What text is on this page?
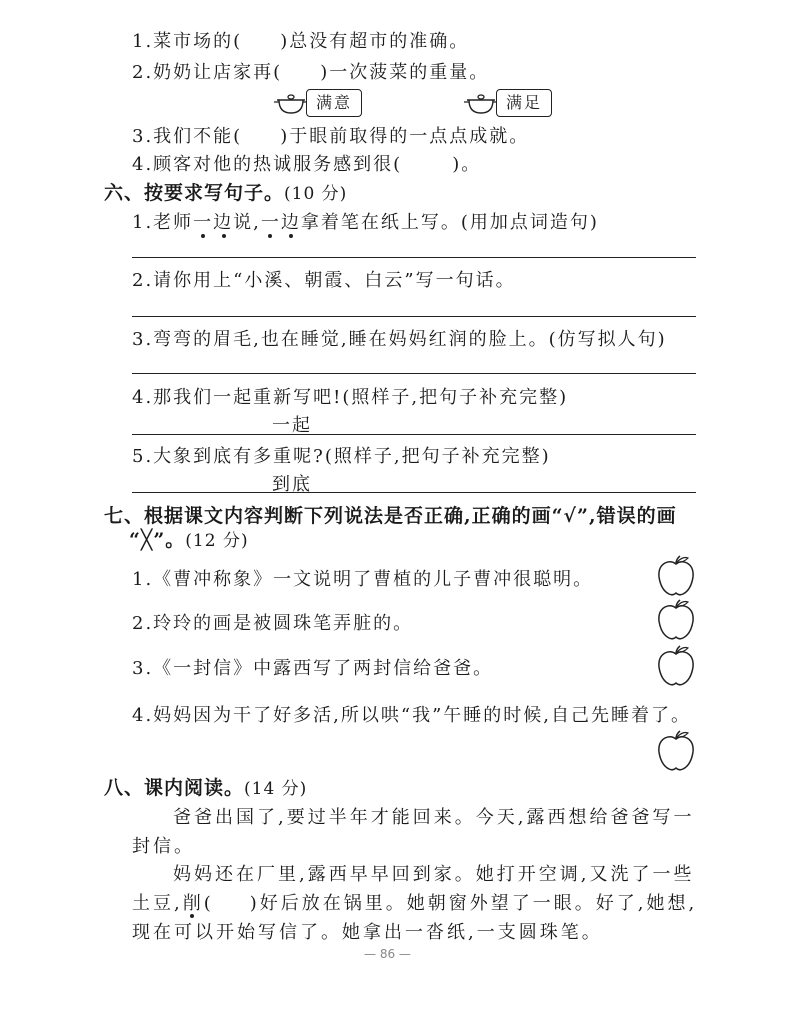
1.菜市场的( )总没有超市的准确。
2.奶奶让店家再( )一次菠菜的重量。
满意	满足
3.我们不能( )于眼前取得的一点点成就。
4.顾客对他的热诚服务感到很(	)。
六、按要求写句子。(10 分)
1.老师一边说,一边拿着笔在纸上写。(用加点词造句)
2.请你用上“小溪、朝霞、白云”写一句话。
3.弯弯的眉毛,也在睡觉,睡在妈妈红润的脸上。(仿写拟人句)
4.那我们一起重新写吧!(照样子,把句子补充完整)
一起
5.大象到底有多重呢?(照样子,把句子补充完整)
到底
七、根据课文内容判断下列说法是否正确,正确的画“√”,错误的画
“╳”。(12 分)
1.《曹冲称象》一文说明了曹植的儿子曹冲很聪明。
2.玲玲的画是被圆珠笔弄脏的。
3.《一封信》中露西写了两封信给爸爸。
4.妈妈因为干了好多活,所以哄“我”午睡的时候,自己先睡着了。
八、课内阅读。(14 分)
爸爸出国了,要过半年才能回来。今天,露西想给爸爸写一
封信。
妈妈还在厂里,露西早早回到家。她打开空调,又洗了一些
土豆,削( )好后放在锅里。她朝窗外望了一眼。好了,她想,
现在可以开始写信了。她拿出一沓纸,一支圆珠笔。
— 86 —
